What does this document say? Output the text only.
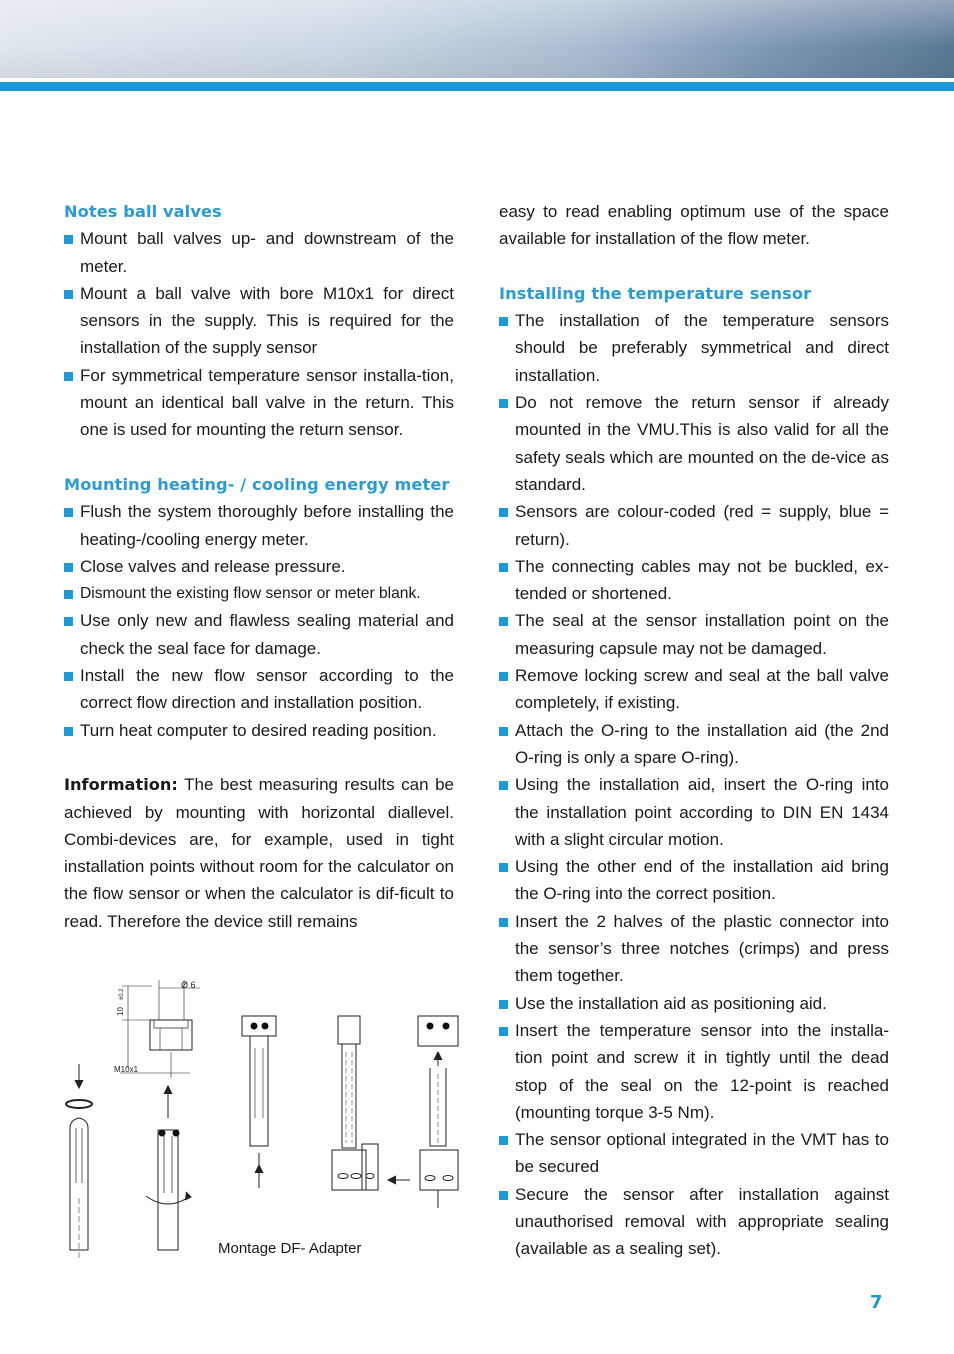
Notes ball valves
Mount ball valves up- and downstream of the meter.
Mount a ball valve with bore M10x1 for direct sensors in the supply. This is required for the installation of the supply sensor
For symmetrical temperature sensor installa-tion, mount an identical ball valve in the return. This one is used for mounting the return sensor.
Mounting heating- / cooling energy meter
Flush the system thoroughly before installing the heating-/cooling energy meter.
Close valves and release pressure.
Dismount the existing flow sensor or meter blank.
Use only new and flawless sealing material and check the seal face for damage.
Install the new flow sensor according to the correct flow direction and installation position.
Turn heat computer to desired reading position.

Information: The best measuring results can be achieved by mounting with horizontal diallevel. Combi-devices are, for example, used in tight installation points without room for the calculator on the flow sensor or when the calculator is dif-ficult to read. Therefore the device still remains

easy to read enabling optimum use of the space available for installation of the flow meter.

Installing the temperature sensor
The installation of the temperature sensors should be preferably symmetrical and direct installation.
Do not remove the return sensor if already mounted in the VMU.This is also valid for all the safety seals which are mounted on the de-vice as standard.
Sensors are colour-coded (red = supply, blue = return).
The connecting cables may not be buckled, ex-tended or shortened.
The seal at the sensor installation point on the measuring capsule may not be damaged.
Remove locking screw and seal at the ball valve completely, if existing.
Attach the O-ring to the installation aid (the 2nd O-ring is only a spare O-ring).
Using the installation aid, insert the O-ring into the installation point according to DIN EN 1434 with a slight circular motion.
Using the other end of the installation aid bring the O-ring into the correct position.
Insert the 2 halves of the plastic connector into the sensor’s three notches (crimps) and press them together.
Use the installation aid as positioning aid.
Insert the temperature sensor into the installa-tion point and screw it in tightly until the dead stop of the seal on the 12-point is reached (mounting torque 3-5 Nm).
The sensor optional integrated in the VMT has to be secured
Secure the sensor after installation against unauthorised removal with appropriate sealing (available as a sealing set).
10
±0.2
Ø 6
M10x1
Montage DF- Adapter
7
